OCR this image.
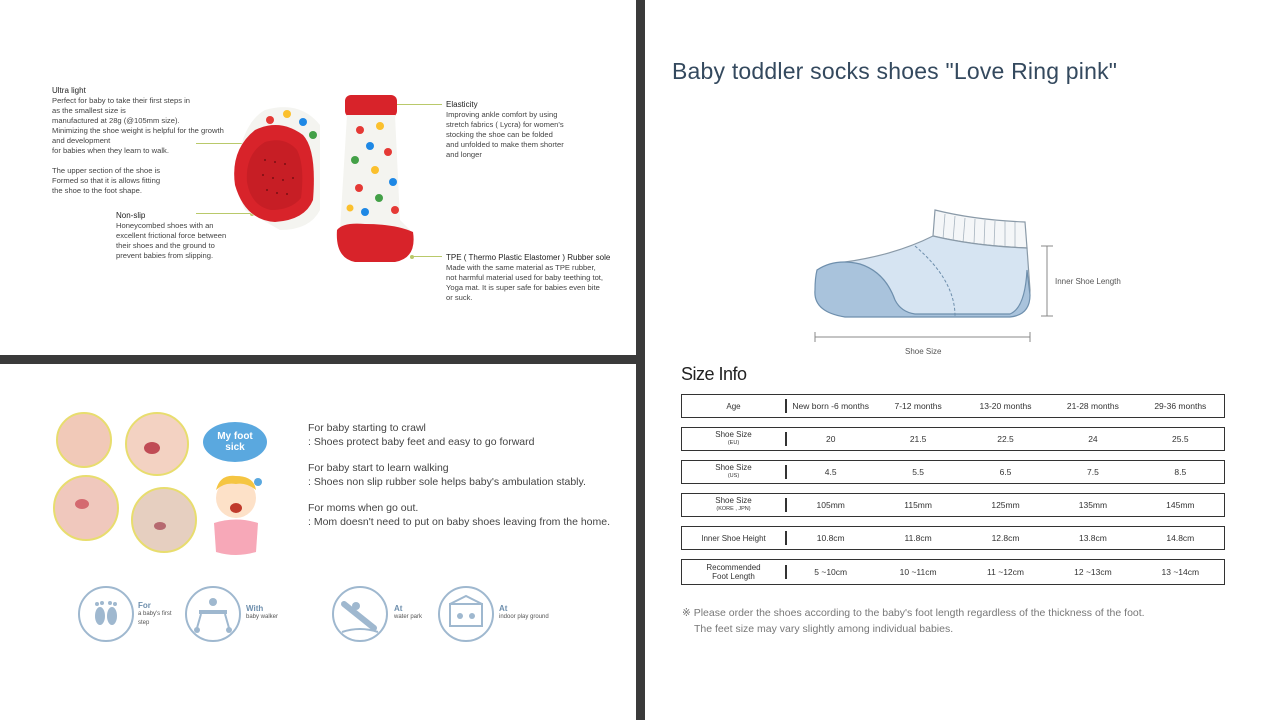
Ultra light
Perfect for baby to take their first steps in
as the smallest size is
manufactured at 28g (@105mm size).
Minimizing the shoe weight is helpful for the growth
and development
for babies when they learn to walk.

The upper section of the shoe is
Formed so that it is allows fitting
the shoe to the foot shape.
Non-slip
Honeycombed shoes with an
excellent frictional force between
their shoes and the ground to
prevent babies from slipping.
Elasticity
Improving ankle comfort by using
stretch fabrics ( Lycra) for women's
stocking the shoe can be folded
and unfolded to make them shorter
and longer
TPE ( Thermo Plastic Elastomer ) Rubber sole
Made with the same material as TPE rubber,
not harmful material used for baby teething tot,
Yoga mat. It is super safe for babies even bite
or suck.
My foot sick
For baby starting to crawl
: Shoes protect baby feet and easy to go forward
For baby start to learn walking
: Shoes non slip rubber sole helps baby's ambulation stably.
For moms when go out.
: Mom doesn't need to put on baby shoes leaving from the home.
For
a baby's first step
With
baby walker
At
water park
At
indoor play ground
Baby toddler socks shoes "Love Ring pink"
Inner Shoe Length
Shoe Size
Size Info
Age	New born -6 months	7-12 months	13-20 months	21-28 months	29-36 months
Shoe Size
(EU)	20	21.5	22.5	24	25.5
Shoe Size
(US)	4.5	5.5	6.5	7.5	8.5
Shoe Size
(KORE , JPN)	105mm	115mm	125mm	135mm	145mm
Inner Shoe Height	10.8cm	11.8cm	12.8cm	13.8cm	14.8cm
Recommended
Foot Length	5 ~10cm	10 ~11cm	11 ~12cm	12 ~13cm	13 ~14cm
※ Please order the shoes according to the baby's foot length regardless of the thickness of the foot.
The feet size may vary slightly among individual babies.
